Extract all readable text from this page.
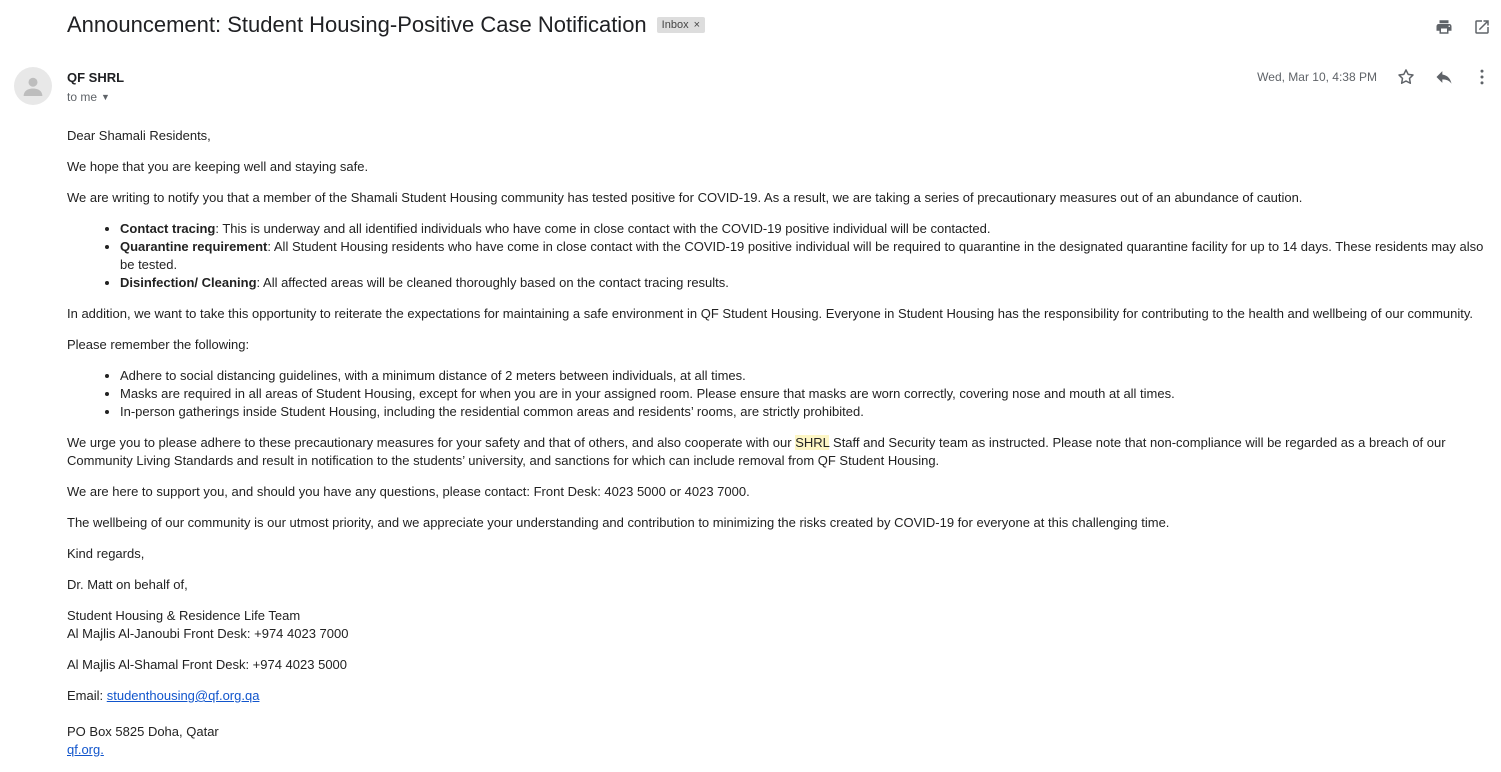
Announcement: Student Housing-Positive Case Notification Inbox ×
QF SHRL
to me ▼
Wed, Mar 10, 4:38 PM

Dear Shamali Residents,

We hope that you are keeping well and staying safe.

We are writing to notify you that a member of the Shamali Student Housing community has tested positive for COVID-19. As a result, we are taking a series of precautionary measures out of an abundance of caution.

• Contact tracing: This is underway and all identified individuals who have come in close contact with the COVID-19 positive individual will be contacted.
• Quarantine requirement: All Student Housing residents who have come in close contact with the COVID-19 positive individual will be required to quarantine in the designated quarantine facility for up to 14 days. These residents may also be tested.
• Disinfection/ Cleaning: All affected areas will be cleaned thoroughly based on the contact tracing results.

In addition, we want to take this opportunity to reiterate the expectations for maintaining a safe environment in QF Student Housing. Everyone in Student Housing has the responsibility for contributing to the health and wellbeing of our community.

Please remember the following:

• Adhere to social distancing guidelines, with a minimum distance of 2 meters between individuals, at all times.
• Masks are required in all areas of Student Housing, except for when you are in your assigned room. Please ensure that masks are worn correctly, covering nose and mouth at all times.
• In-person gatherings inside Student Housing, including the residential common areas and residents’ rooms, are strictly prohibited.

We urge you to please adhere to these precautionary measures for your safety and that of others, and also cooperate with our SHRL Staff and Security team as instructed. Please note that non-compliance will be regarded as a breach of our Community Living Standards and result in notification to the students’ university, and sanctions for which can include removal from QF Student Housing.

We are here to support you, and should you have any questions, please contact: Front Desk: 4023 5000 or 4023 7000.

The wellbeing of our community is our utmost priority, and we appreciate your understanding and contribution to minimizing the risks created by COVID-19 for everyone at this challenging time.

Kind regards,

Dr. Matt on behalf of,

Student Housing & Residence Life Team

Al Majlis Al-Janoubi Front Desk: +974 4023 7000

Al Majlis Al-Shamal Front Desk: +974 4023 5000

Email: studenthousing@qf.org.qa

PO Box 5825 Doha, Qatar

qf.org.
